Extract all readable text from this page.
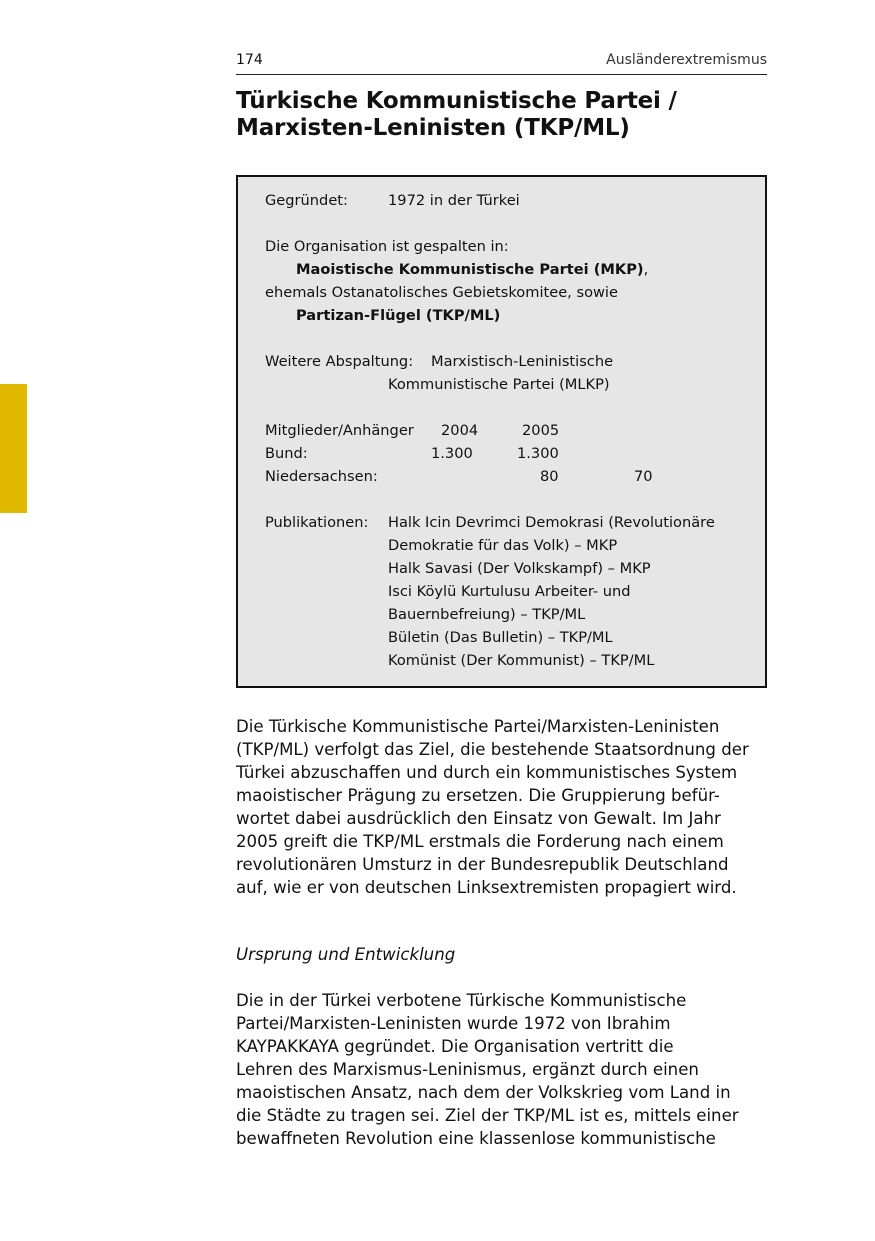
174	Ausländerextremismus
Türkische Kommunistische Partei /
Marxisten-Leninisten (TKP/ML)
Gegründet:	1972 in der Türkei
Die Organisation ist gespalten in:
Maoistische Kommunistische Partei (MKP),
ehemals Ostanatolisches Gebietskomitee, sowie
Partizan-Flügel (TKP/ML)
Weitere Abspaltung: Marxistisch-Leninistische
Kommunistische Partei (MLKP)
Mitglieder/Anhänger 2004	2005
Bund:	1.300	1.300
Niedersachsen:	80	70
Publikationen: Halk Icin Devrimci Demokrasi (Revolutionäre
Demokratie für das Volk) – MKP
Halk Savasi (Der Volkskampf) – MKP
Isci Köylü Kurtulusu Arbeiter- und
Bauernbefreiung) – TKP/ML
Bületin (Das Bulletin) – TKP/ML
Komünist (Der Kommunist) – TKP/ML

Die Türkische Kommunistische Partei/Marxisten-Leninisten
(TKP/ML) verfolgt das Ziel, die bestehende Staatsordnung der
Türkei abzuschaffen und durch ein kommunistisches System
maoistischer Prägung zu ersetzen. Die Gruppierung befür-
wortet dabei ausdrücklich den Einsatz von Gewalt. Im Jahr
2005 greift die TKP/ML erstmals die Forderung nach einem
revolutionären Umsturz in der Bundesrepublik Deutschland
auf, wie er von deutschen Linksextremisten propagiert wird.

Ursprung und Entwicklung

Die in der Türkei verbotene Türkische Kommunistische
Partei/Marxisten-Leninisten wurde 1972 von Ibrahim
KAYPAKKAYA gegründet. Die Organisation vertritt die
Lehren des Marxismus-Leninismus, ergänzt durch einen
maoistischen Ansatz, nach dem der Volkskrieg vom Land in
die Städte zu tragen sei. Ziel der TKP/ML ist es, mittels einer
bewaffneten Revolution eine klassenlose kommunistische
